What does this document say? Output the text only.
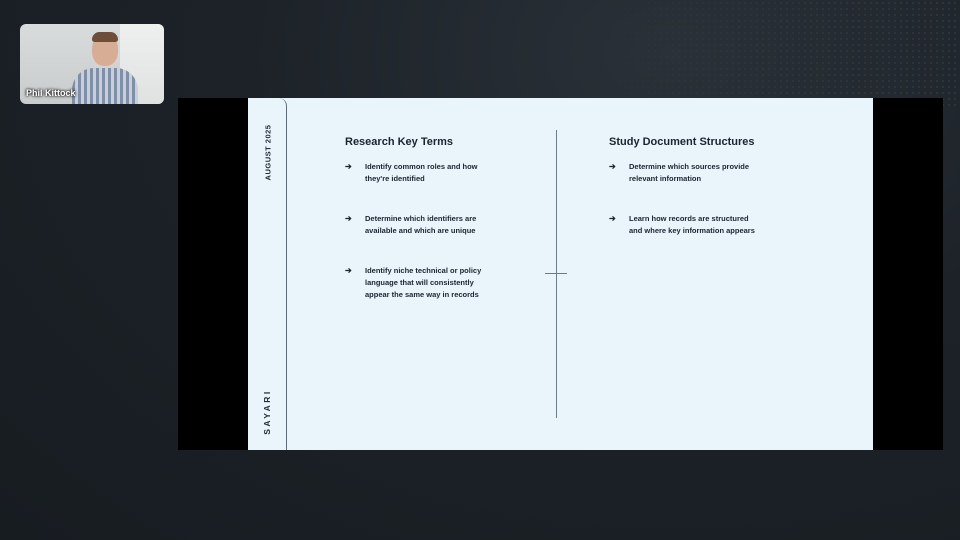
Phil Kittock
AUGUST 2025
SAYARI
Research Key Terms
➔ Identify common roles and how
they're identified
➔ Determine which identifiers are
available and which are unique
➔ Identify niche technical or policy
language that will consistently
appear the same way in records
Study Document Structures
➔ Determine which sources provide
relevant information
➔ Learn how records are structured
and where key information appears
